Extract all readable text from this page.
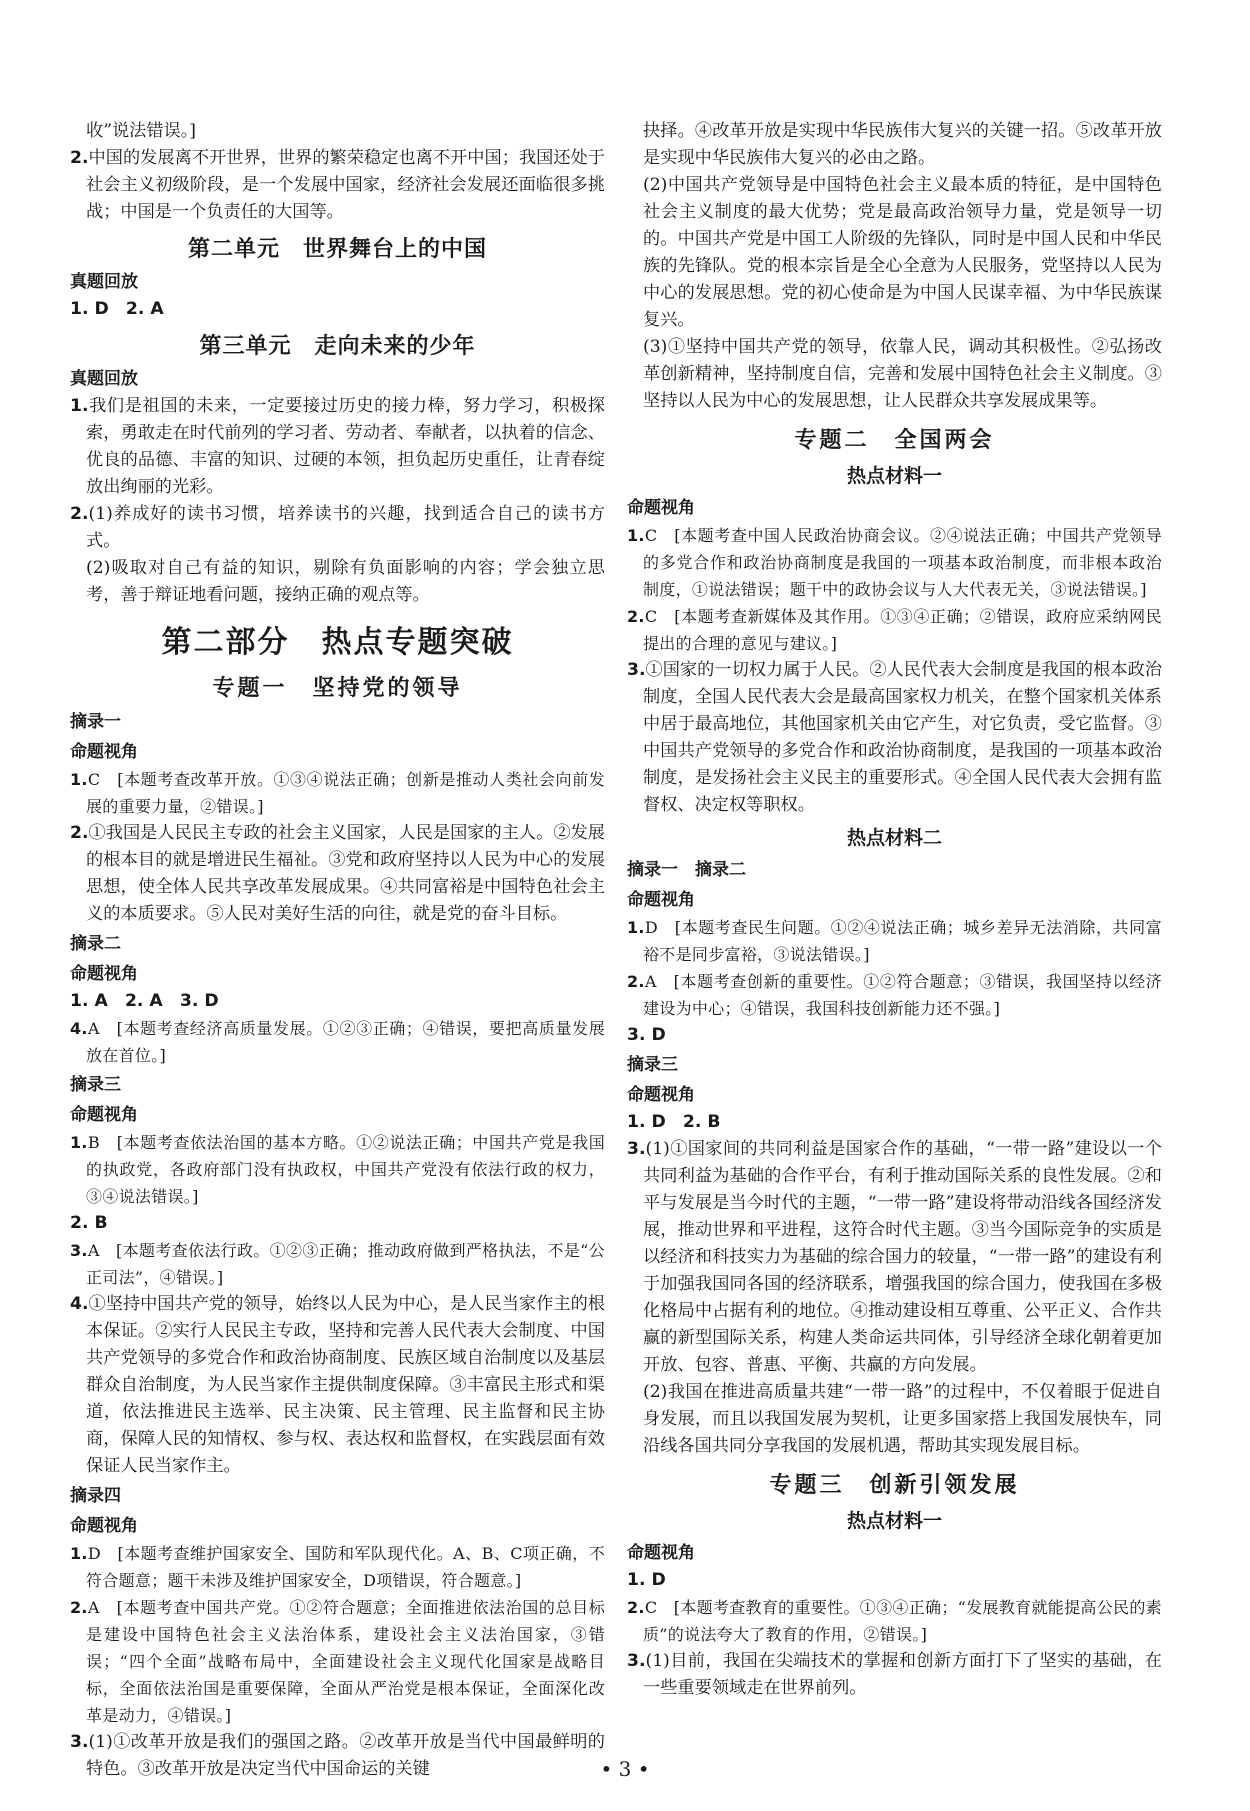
收”说法错误。]

2.中国的发展离不开世界，世界的繁荣稳定也离不开中国；我国还处于社会主义初级阶段，是一个发展中国家，经济社会发展还面临很多挑战；中国是一个负责任的大国等。

第二单元　世界舞台上的中国
真题回放

1. D　2. A

第三单元　走向未来的少年
真题回放

1.我们是祖国的未来，一定要接过历史的接力棒，努力学习，积极探索，勇敢走在时代前列的学习者、劳动者、奉献者，以执着的信念、优良的品德、丰富的知识、过硬的本领，担负起历史重任，让青春绽放出绚丽的光彩。

2.(1)养成好的读书习惯，培养读书的兴趣，找到适合自己的读书方式。

(2)吸取对自己有益的知识，剔除有负面影响的内容；学会独立思考，善于辩证地看问题，接纳正确的观点等。

第二部分　热点专题突破
专题一　坚持党的领导
摘录一
命题视角

1.C　[本题考查改革开放。①③④说法正确；创新是推动人类社会向前发展的重要力量，②错误。]

2.①我国是人民民主专政的社会主义国家，人民是国家的主人。②发展的根本目的就是增进民生福祉。③党和政府坚持以人民为中心的发展思想，使全体人民共享改革发展成果。④共同富裕是中国特色社会主义的本质要求。⑤人民对美好生活的向往，就是党的奋斗目标。

摘录二
命题视角

1. A　2. A　3. D

4.A　[本题考查经济高质量发展。①②③正确；④错误，要把高质量发展放在首位。]

摘录三
命题视角

1.B　[本题考查依法治国的基本方略。①②说法正确；中国共产党是我国的执政党，各政府部门没有执政权，中国共产党没有依法行政的权力，③④说法错误。]

2. B

3.A　[本题考查依法行政。①②③正确；推动政府做到严格执法，不是“公正司法”，④错误。]

4.①坚持中国共产党的领导，始终以人民为中心，是人民当家作主的根本保证。②实行人民民主专政，坚持和完善人民代表大会制度、中国共产党领导的多党合作和政治协商制度、民族区域自治制度以及基层群众自治制度，为人民当家作主提供制度保障。③丰富民主形式和渠道，依法推进民主选举、民主决策、民主管理、民主监督和民主协商，保障人民的知情权、参与权、表达权和监督权，在实践层面有效保证人民当家作主。

摘录四
命题视角

1.D　[本题考查维护国家安全、国防和军队现代化。A、B、C项正确，不符合题意；题干未涉及维护国家安全，D项错误，符合题意。]

2.A　[本题考查中国共产党。①②符合题意；全面推进依法治国的总目标是建设中国特色社会主义法治体系，建设社会主义法治国家，③错误；“四个全面”战略布局中，全面建设社会主义现代化国家是战略目标，全面依法治国是重要保障，全面从严治党是根本保证，全面深化改革是动力，④错误。]

3.(1)①改革开放是我们的强国之路。②改革开放是当代中国最鲜明的特色。③改革开放是决定当代中国命运的关键

抉择。④改革开放是实现中华民族伟大复兴的关键一招。⑤改革开放是实现中华民族伟大复兴的必由之路。

(2)中国共产党领导是中国特色社会主义最本质的特征，是中国特色社会主义制度的最大优势；党是最高政治领导力量，党是领导一切的。中国共产党是中国工人阶级的先锋队，同时是中国人民和中华民族的先锋队。党的根本宗旨是全心全意为人民服务，党坚持以人民为中心的发展思想。党的初心使命是为中国人民谋幸福、为中华民族谋复兴。

(3)①坚持中国共产党的领导，依靠人民，调动其积极性。②弘扬改革创新精神，坚持制度自信，完善和发展中国特色社会主义制度。③坚持以人民为中心的发展思想，让人民群众共享发展成果等。

专题二　全国两会
热点材料一
命题视角

1.C　[本题考查中国人民政治协商会议。②④说法正确；中国共产党领导的多党合作和政治协商制度是我国的一项基本政治制度，而非根本政治制度，①说法错误；题干中的政协会议与人大代表无关，③说法错误。]

2.C　[本题考查新媒体及其作用。①③④正确；②错误，政府应采纳网民提出的合理的意见与建议。]

3.①国家的一切权力属于人民。②人民代表大会制度是我国的根本政治制度，全国人民代表大会是最高国家权力机关，在整个国家机关体系中居于最高地位，其他国家机关由它产生，对它负责，受它监督。③中国共产党领导的多党合作和政治协商制度，是我国的一项基本政治制度，是发扬社会主义民主的重要形式。④全国人民代表大会拥有监督权、决定权等职权。

热点材料二
摘录一　摘录二
命题视角

1.D　[本题考查民生问题。①②④说法正确；城乡差异无法消除，共同富裕不是同步富裕，③说法错误。]

2.A　[本题考查创新的重要性。①②符合题意；③错误，我国坚持以经济建设为中心；④错误，我国科技创新能力还不强。]

3. D

摘录三
命题视角

1. D　2. B

3.(1)①国家间的共同利益是国家合作的基础，“一带一路”建设以一个共同利益为基础的合作平台，有利于推动国际关系的良性发展。②和平与发展是当今时代的主题，“一带一路”建设将带动沿线各国经济发展，推动世界和平进程，这符合时代主题。③当今国际竞争的实质是以经济和科技实力为基础的综合国力的较量，“一带一路”的建设有利于加强我国同各国的经济联系，增强我国的综合国力，使我国在多极化格局中占据有利的地位。④推动建设相互尊重、公平正义、合作共赢的新型国际关系，构建人类命运共同体，引导经济全球化朝着更加开放、包容、普惠、平衡、共赢的方向发展。

(2)我国在推进高质量共建“一带一路”的过程中，不仅着眼于促进自身发展，而且以我国发展为契机，让更多国家搭上我国发展快车，同沿线各国共同分享我国的发展机遇，帮助其实现发展目标。

专题三　创新引领发展
热点材料一
命题视角

1. D

2.C　[本题考查教育的重要性。①③④正确；“发展教育就能提高公民的素质”的说法夸大了教育的作用，②错误。]

3.(1)目前，我国在尖端技术的掌握和创新方面打下了坚实的基础，在一些重要领域走在世界前列。

• 3 •
